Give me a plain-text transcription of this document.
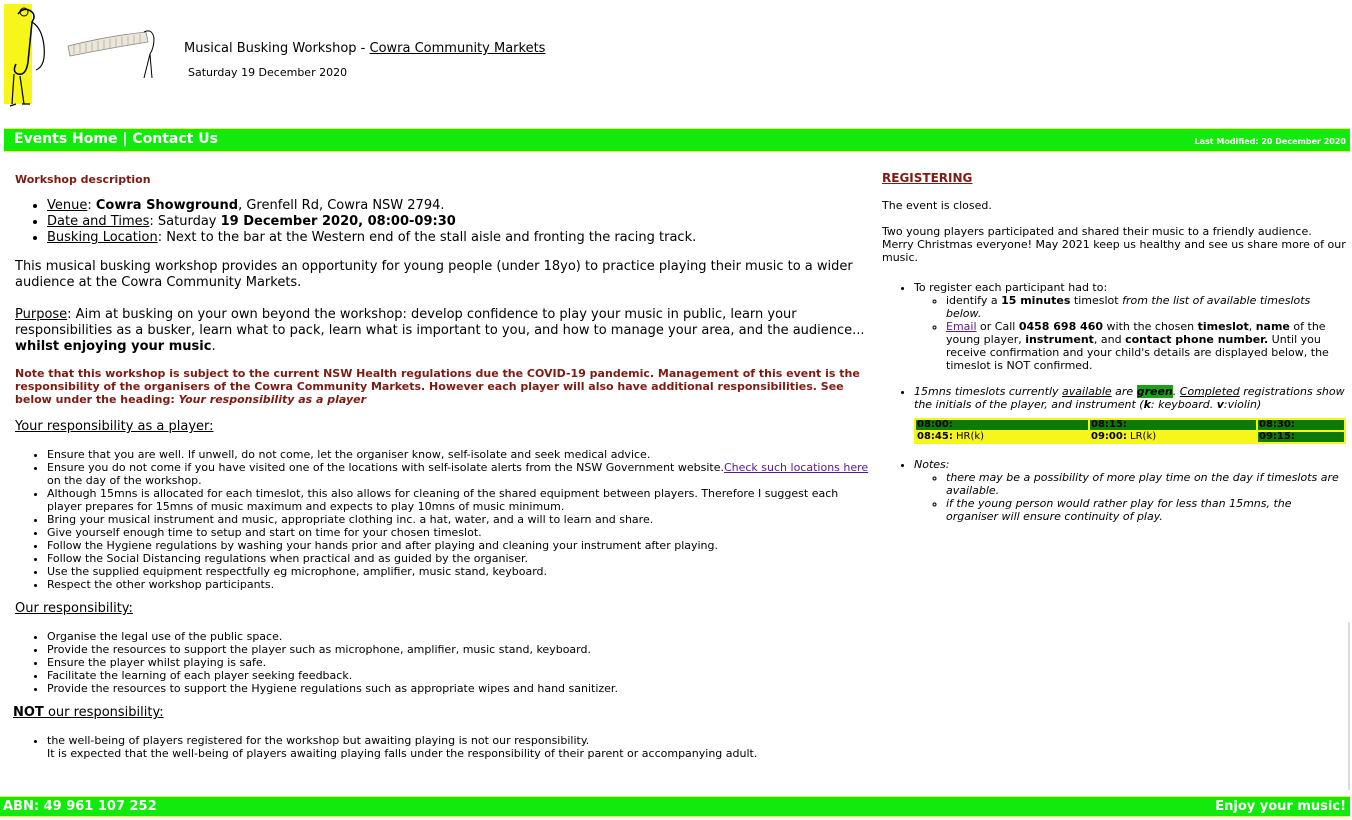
Musical Busking Workshop - Cowra Community Markets
Saturday 19 December 2020
Events Home | Contact Us	Last Modified: 20 December 2020
Workshop description
• Venue: Cowra Showground, Grenfell Rd, Cowra NSW 2794.
• Date and Times: Saturday 19 December 2020, 08:00-09:30
• Busking Location: Next to the bar at the Western end of the stall aisle and fronting the racing track.

This musical busking workshop provides an opportunity for young people (under 18yo) to practice playing their music to a wider audience at the Cowra Community Markets.

Purpose: Aim at busking on your own beyond the workshop: develop confidence to play your music in public, learn your responsibilities as a busker, learn what to pack, learn what is important to you, and how to manage your area, and the audience... whilst enjoying your music.

Note that this workshop is subject to the current NSW Health regulations due the COVID-19 pandemic. Management of this event is the responsibility of the organisers of the Cowra Community Markets. However each player will also have additional responsibilities. See below under the heading: Your responsibility as a player

Your responsibility as a player:

• Ensure that you are well. If unwell, do not come, let the organiser know, self-isolate and seek medical advice.
• Ensure you do not come if you have visited one of the locations with self-isolate alerts from the NSW Government website.Check such locations here on the day of the workshop.
• Although 15mns is allocated for each timeslot, this also allows for cleaning of the shared equipment between players. Therefore I suggest each player prepares for 15mns of music maximum and expects to play 10mns of music minimum.
• Bring your musical instrument and music, appropriate clothing inc. a hat, water, and a will to learn and share.
• Give yourself enough time to setup and start on time for your chosen timeslot.
• Follow the Hygiene regulations by washing your hands prior and after playing and cleaning your instrument after playing.
• Follow the Social Distancing regulations when practical and as guided by the organiser.
• Use the supplied equipment respectfully eg microphone, amplifier, music stand, keyboard.
• Respect the other workshop participants.

Our responsibility:

• Organise the legal use of the public space.
• Provide the resources to support the player such as microphone, amplifier, music stand, keyboard.
• Ensure the player whilst playing is safe.
• Facilitate the learning of each player seeking feedback.
• Provide the resources to support the Hygiene regulations such as appropriate wipes and hand sanitizer.

NOT our responsibility:

• the well-being of players registered for the workshop but awaiting playing is not our responsibility.
It is expected that the well-being of players awaiting playing falls under the responsibility of their parent or accompanying adult.
REGISTERING
The event is closed.
Two young players participated and shared their music to a friendly audience. Merry Christmas everyone! May 2021 keep us healthy and see us share more of our music.
• To register each participant had to:
◦ identify a 15 minutes timeslot from the list of available timeslots below.
◦ Email or Call 0458 698 460 with the chosen timeslot, name of the young player, instrument, and contact phone number. Until you receive confirmation and your child's details are displayed below, the timeslot is NOT confirmed.
• 15mns timeslots currently available are green. Completed registrations show the initials of the player, and instrument (k: keyboard. v:violin)
08:00:	08:15:	08:30:
08:45: HR(k)	09:00: LR(k)	09:15:
• Notes:
◦ there may be a possibility of more play time on the day if timeslots are available.
◦ if the young person would rather play for less than 15mns, the organiser will ensure continuity of play.
ABN: 49 961 107 252	Enjoy your music!
